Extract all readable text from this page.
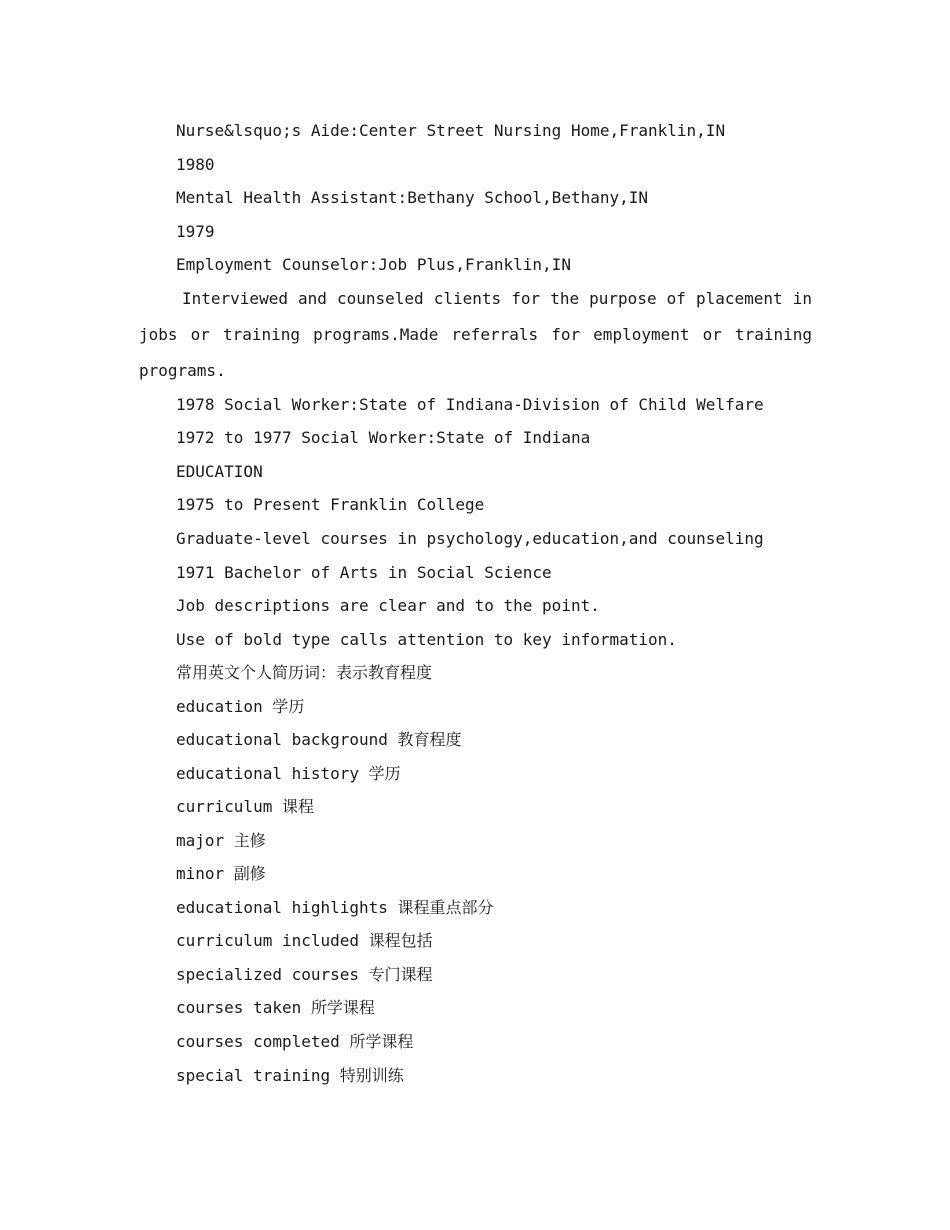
Nurse&lsquo;s Aide:Center Street Nursing Home,Franklin,IN
1980
Mental Health Assistant:Bethany School,Bethany,IN
1979
Employment Counselor:Job Plus,Franklin,IN
Interviewed and counseled clients for the purpose of placement in jobs or training programs.Made referrals for employment or training programs.
1978 Social Worker:State of Indiana-Division of Child Welfare
1972 to 1977 Social Worker:State of Indiana
EDUCATION
1975 to Present Franklin College
Graduate-level courses in psychology,education,and counseling
1971 Bachelor of Arts in Social Science
Job descriptions are clear and to the point.
Use of bold type calls attention to key information.
常用英文个人简历词：表示教育程度
education 学历
educational background 教育程度
educational history 学历
curriculum 课程
major 主修
minor 副修
educational highlights 课程重点部分
curriculum included 课程包括
specialized courses 专门课程
courses taken 所学课程
courses completed 所学课程
special training 特别训练
